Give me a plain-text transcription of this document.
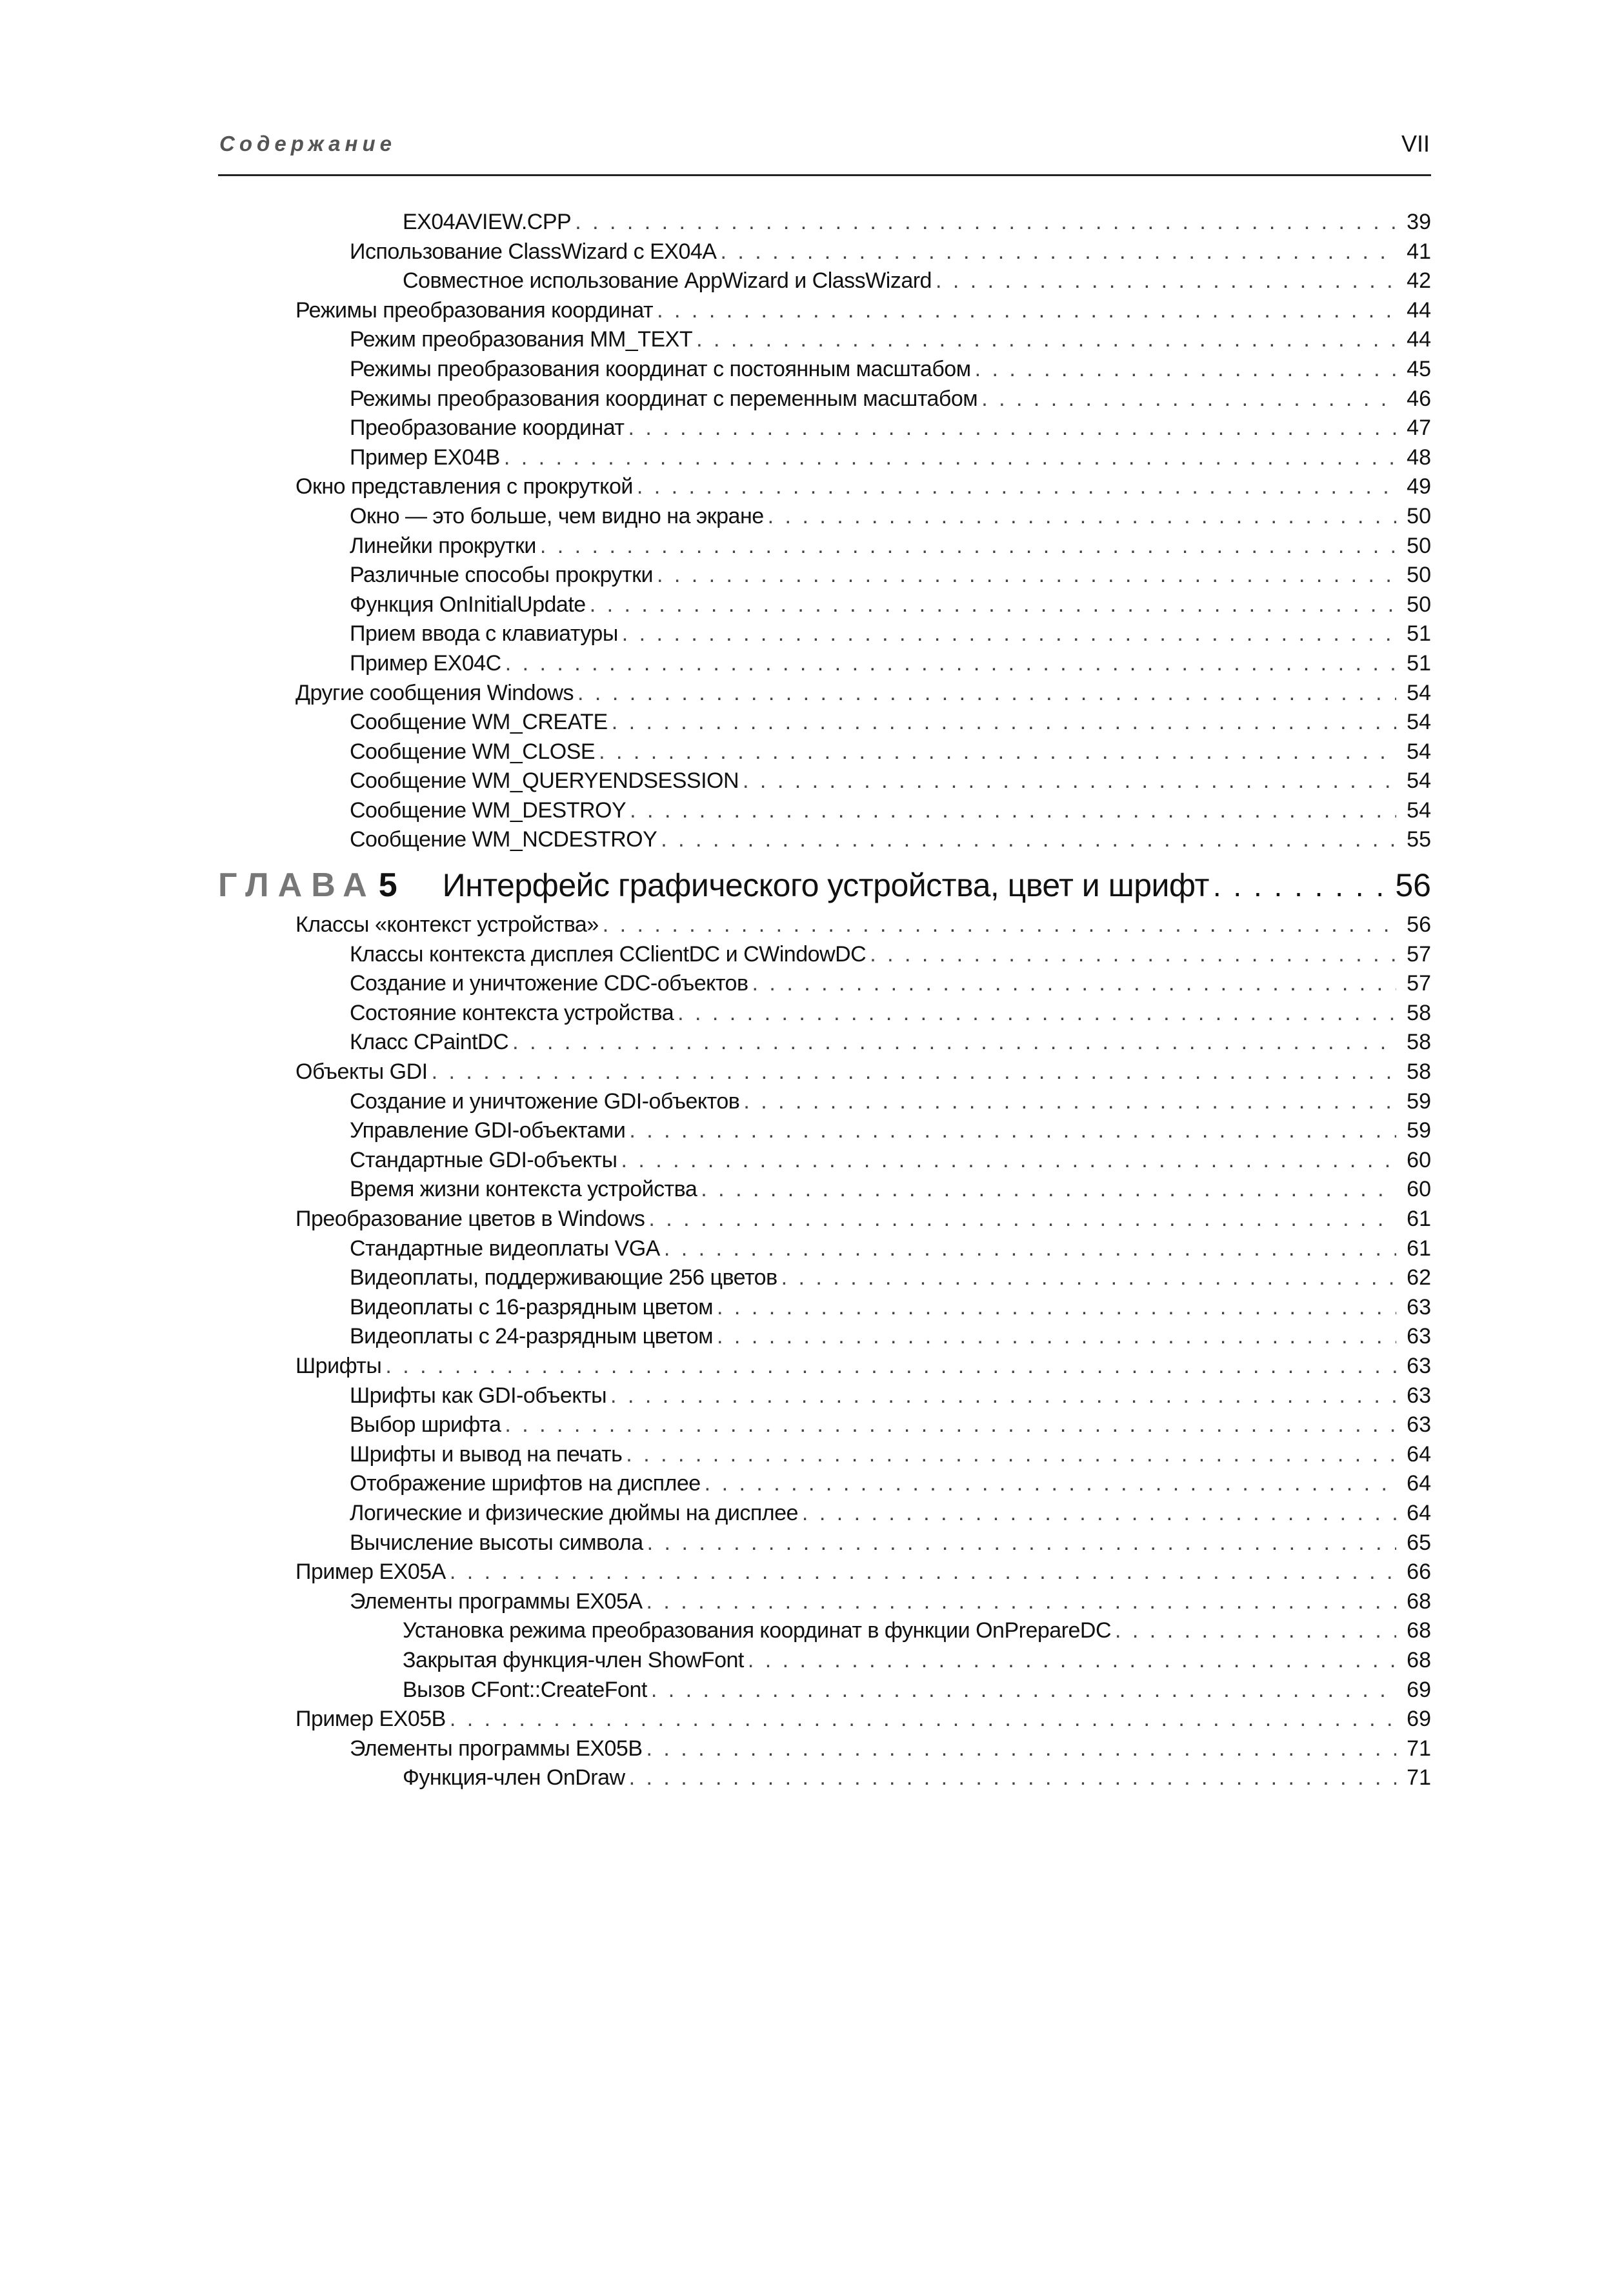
Содержание	VII
EX04AVIEW.CPP . . .	39
Использование ClassWizard с EX04A . . .	41
Совместное использование AppWizard и ClassWizard . . .	42
Режимы преобразования координат . . .	44
Режим преобразования MM_TEXT . . .	44
Режимы преобразования координат с постоянным масштабом . . .	45
Режимы преобразования координат с переменным масштабом . . .	46
Преобразование координат . . .	47
Пример EX04B . . .	48
Окно представления с прокруткой . . .	49
Окно — это больше, чем видно на экране . . .	50
Линейки прокрутки . . .	50
Различные способы прокрутки . . .	50
Функция OnInitialUpdate . . .	50
Прием ввода с клавиатуры . . .	51
Пример EX04C . . .	51
Другие сообщения Windows . . .	54
Сообщение WM_CREATE . . .	54
Сообщение WM_CLOSE . . .	54
Сообщение WM_QUERYENDSESSION . . .	54
Сообщение WM_DESTROY . . .	54
Сообщение WM_NCDESTROY . . .	55
ГЛАВА 5 Интерфейс графического устройства, цвет и шрифт . . .	56
Классы «контекст устройства» . . .	56
Классы контекста дисплея CClientDC и CWindowDC . . .	57
Создание и уничтожение CDC-объектов . . .	57
Состояние контекста устройства . . .	58
Класс CPaintDC . . .	58
Объекты GDI . . .	58
Создание и уничтожение GDI-объектов . . .	59
Управление GDI-объектами . . .	59
Стандартные GDI-объекты . . .	60
Время жизни контекста устройства . . .	60
Преобразование цветов в Windows . . .	61
Стандартные видеоплаты VGA . . .	61
Видеоплаты, поддерживающие 256 цветов . . .	62
Видеоплаты с 16-разрядным цветом . . .	63
Видеоплаты с 24-разрядным цветом . . .	63
Шрифты . . .	63
Шрифты как GDI-объекты . . .	63
Выбор шрифта . . .	63
Шрифты и вывод на печать . . .	64
Отображение шрифтов на дисплее . . .	64
Логические и физические дюймы на дисплее . . .	64
Вычисление высоты символа . . .	65
Пример EX05A . . .	66
Элементы программы EX05A . . .	68
Установка режима преобразования координат в функции OnPrepareDC . . .	68
Закрытая функция-член ShowFont . . .	68
Вызов CFont::CreateFont . . .	69
Пример EX05B . . .	69
Элементы программы EX05B . . .	71
Функция-член OnDraw . . .	71
